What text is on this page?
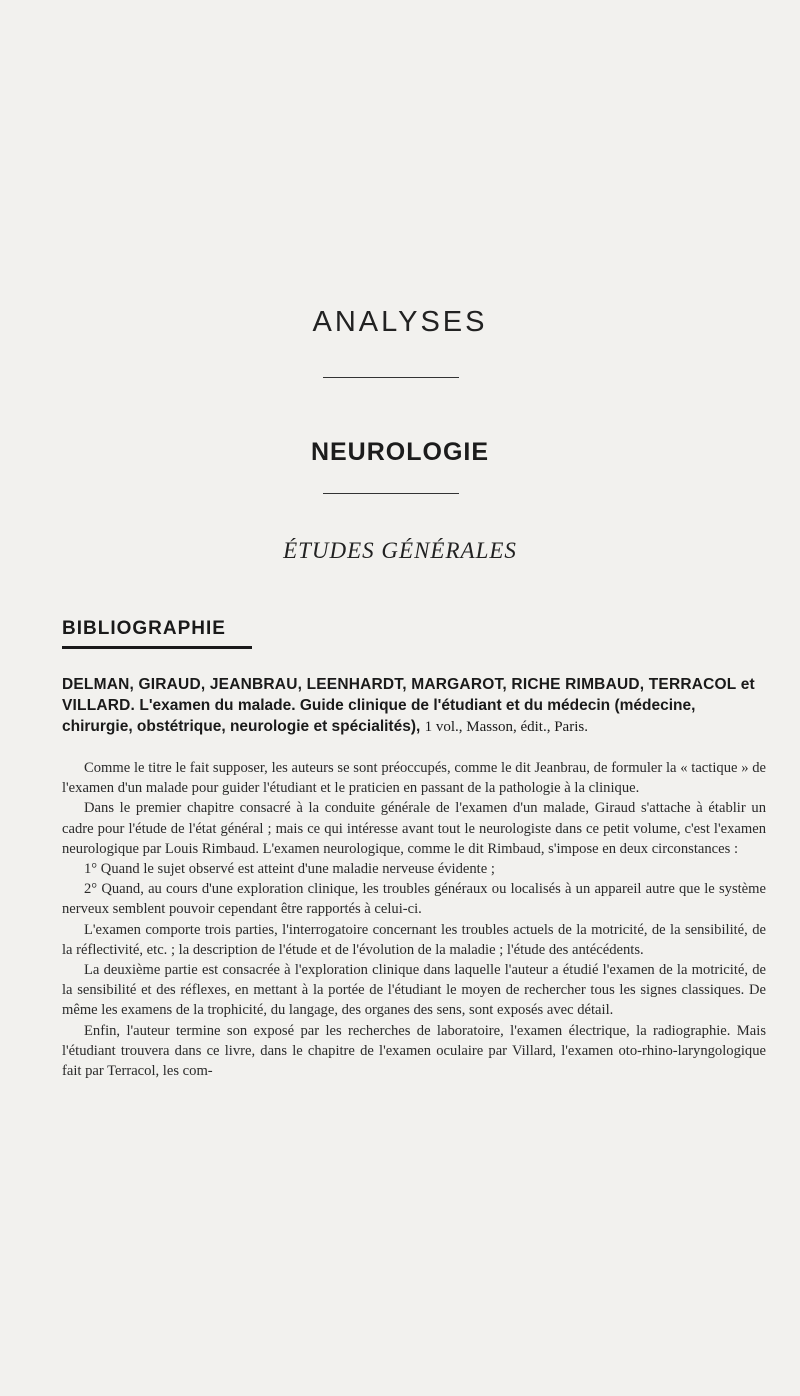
ANALYSES
NEUROLOGIE
ÉTUDES GÉNÉRALES
BIBLIOGRAPHIE
DELMAN, GIRAUD, JEANBRAU, LEENHARDT, MARGAROT, RICHE RIMBAUD, TERRACOL et VILLARD. L'examen du malade. Guide clinique de l'étudiant et du médecin (médecine, chirurgie, obstétrique, neurologie et spécialités), 1 vol., Masson, édit., Paris.

Comme le titre le fait supposer, les auteurs se sont préoccupés, comme le dit Jeanbrau, de formuler la « tactique » de l'examen d'un malade pour guider l'étudiant et le praticien en passant de la pathologie à la clinique.

Dans le premier chapitre consacré à la conduite générale de l'examen d'un malade, Giraud s'attache à établir un cadre pour l'étude de l'état général ; mais ce qui intéresse avant tout le neurologiste dans ce petit volume, c'est l'examen neurologique par Louis Rimbaud. L'examen neurologique, comme le dit Rimbaud, s'impose en deux circonstances :

1° Quand le sujet observé est atteint d'une maladie nerveuse évidente ;

2° Quand, au cours d'une exploration clinique, les troubles généraux ou localisés à un appareil autre que le système nerveux semblent pouvoir cependant être rapportés à celui-ci.

L'examen comporte trois parties, l'interrogatoire concernant les troubles actuels de la motricité, de la sensibilité, de la réflectivité, etc. ; la description de l'étude et de l'évolution de la maladie ; l'étude des antécédents.

La deuxième partie est consacrée à l'exploration clinique dans laquelle l'auteur a étudié l'examen de la motricité, de la sensibilité et des réflexes, en mettant à la portée de l'étudiant le moyen de rechercher tous les signes classiques. De même les examens de la trophicité, du langage, des organes des sens, sont exposés avec détail.

Enfin, l'auteur termine son exposé par les recherches de laboratoire, l'examen électrique, la radiographie. Mais l'étudiant trouvera dans ce livre, dans le chapitre de l'examen oculaire par Villard, l'examen oto-rhino-laryngologique fait par Terracol, les com-
